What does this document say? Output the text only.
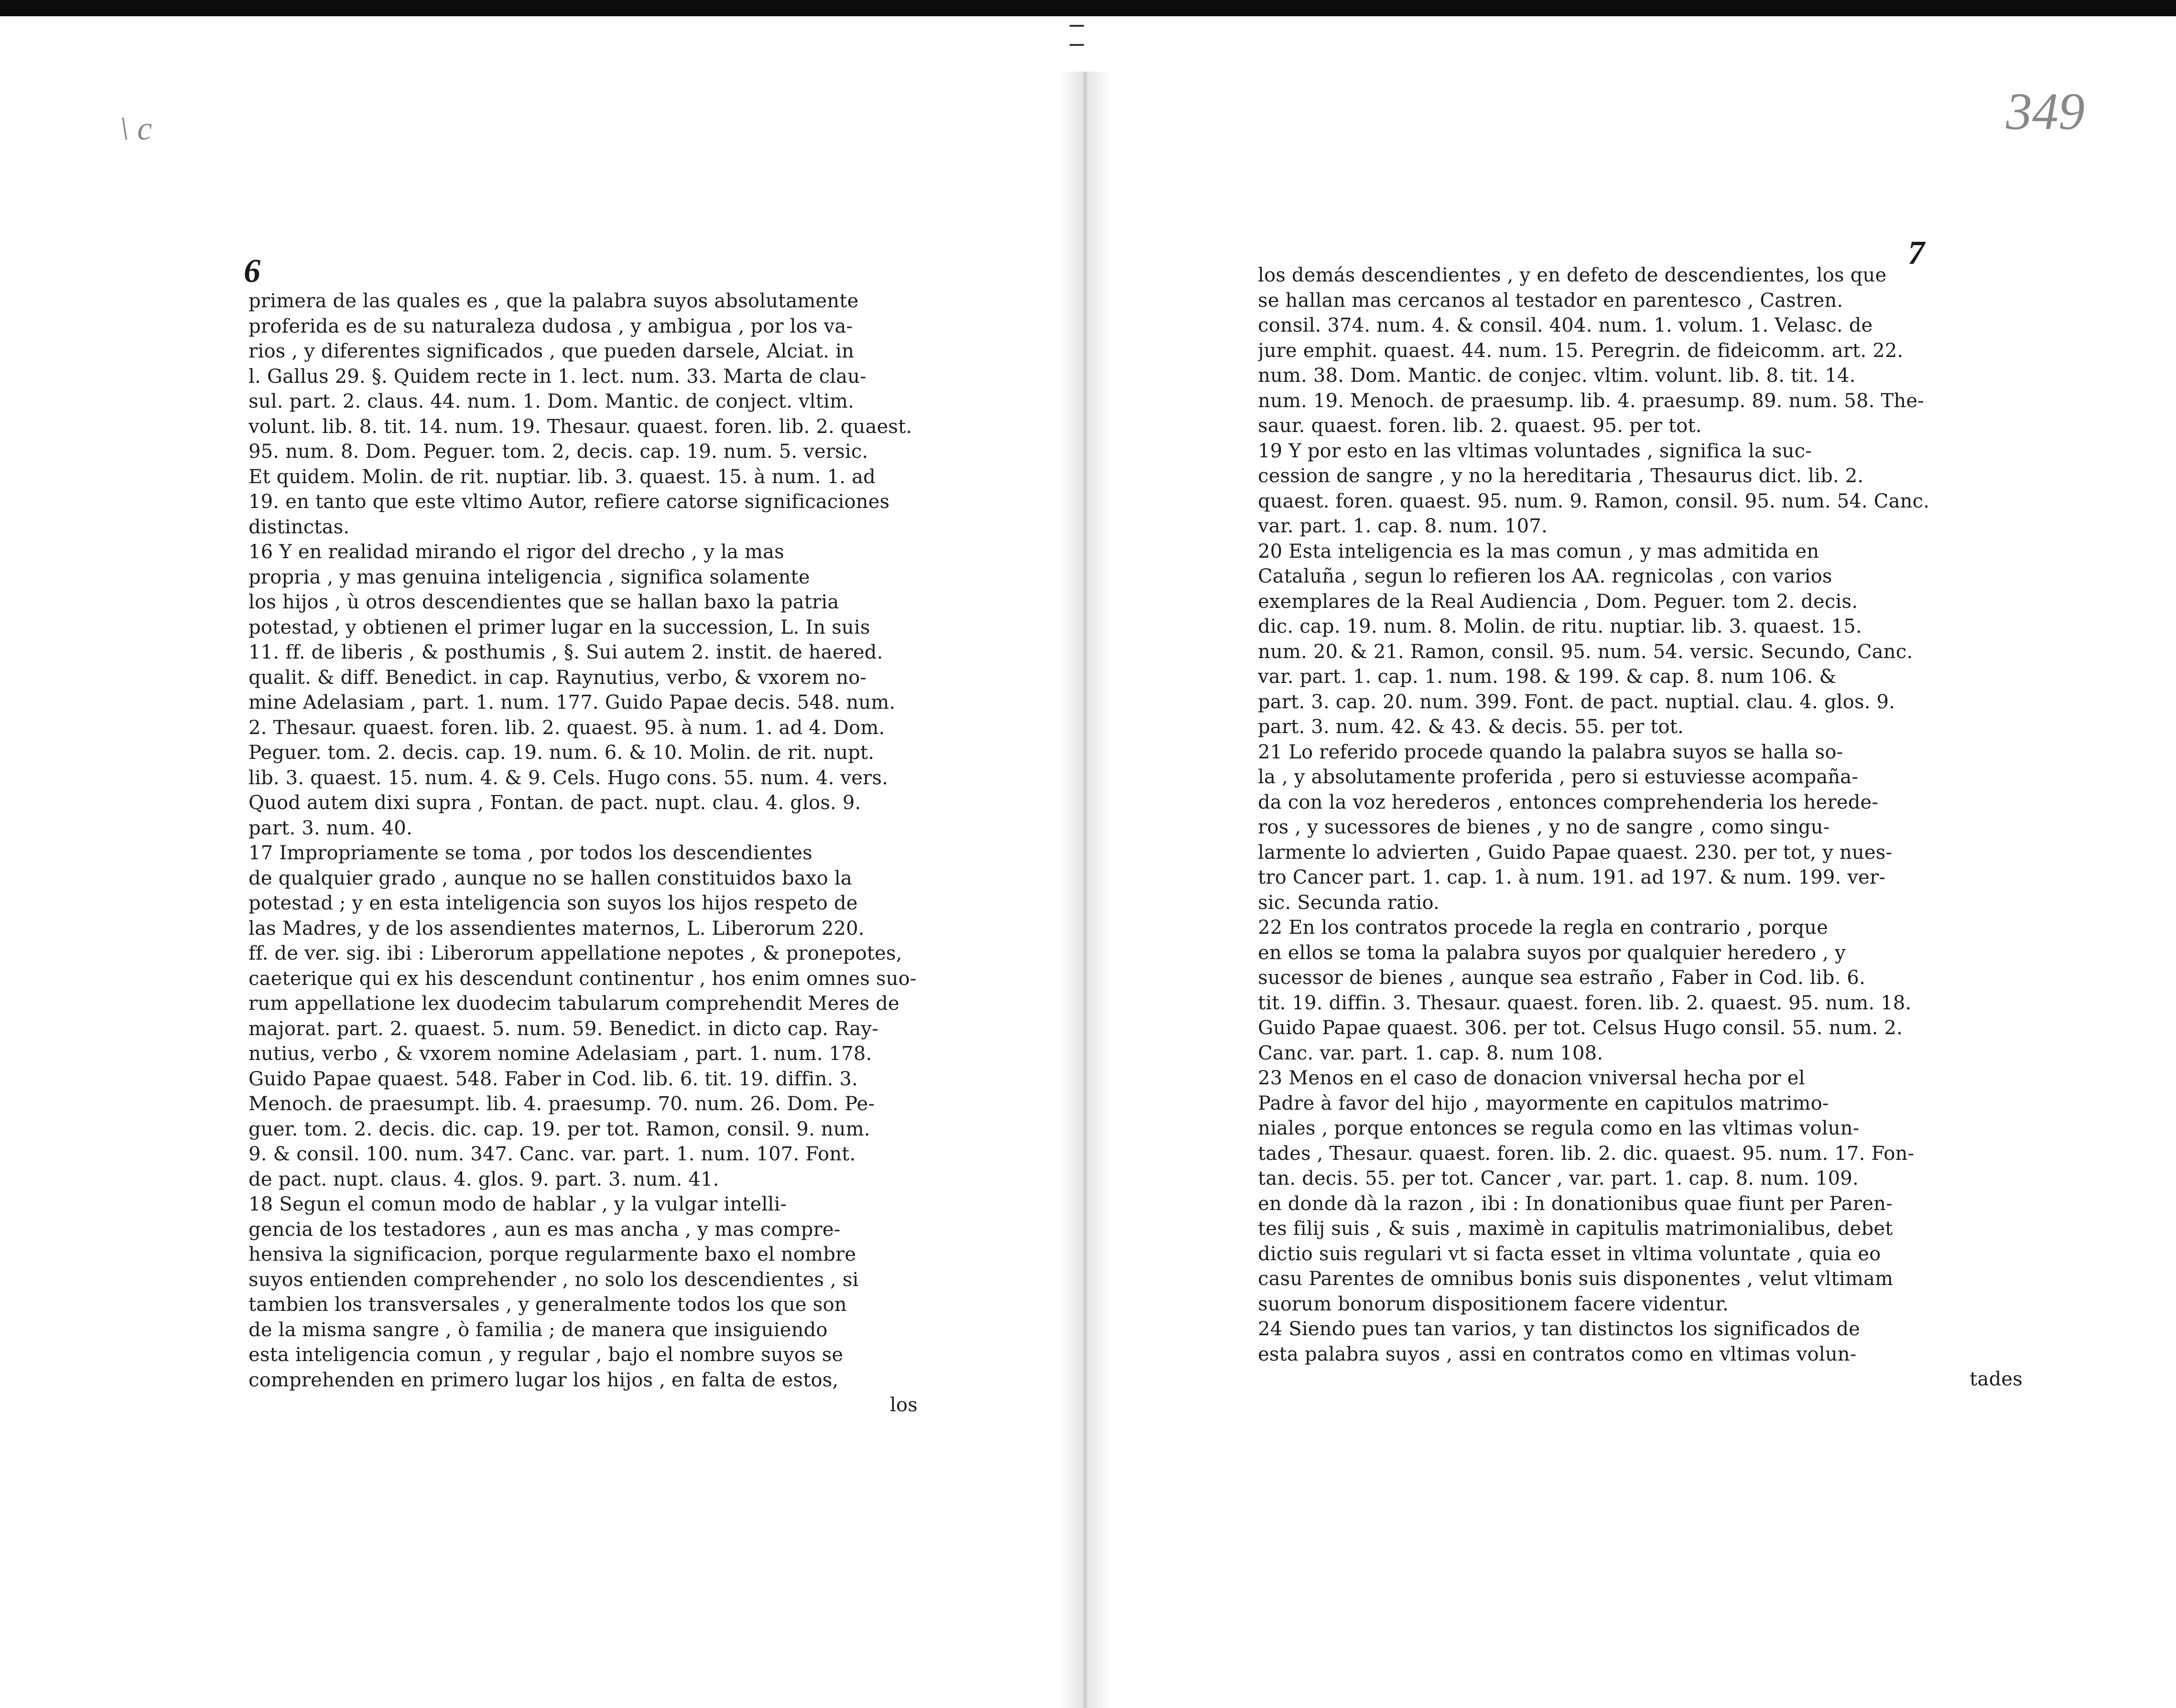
\ c
6
primera de las quales es , que la palabra suyos absolutamente
proferida es de su naturaleza dudosa , y ambigua , por los va-
rios , y diferentes significados , que pueden darsele, Alciat. in
l. Gallus 29. §. Quidem recte in 1. lect. num. 33. Marta de clau-
sul. part. 2. claus. 44. num. 1. Dom. Mantic. de conject. vltim.
volunt. lib. 8. tit. 14. num. 19. Thesaur. quaest. foren. lib. 2. quaest.
95. num. 8. Dom. Peguer. tom. 2, decis. cap. 19. num. 5. versic.
Et quidem. Molin. de rit. nuptiar. lib. 3. quaest. 15. à num. 1. ad
19. en tanto que este vltimo Autor, refiere catorse significaciones
distinctas.
16 Y en realidad mirando el rigor del drecho , y la mas
propria , y mas genuina inteligencia , significa solamente
los hijos , ù otros descendientes que se hallan baxo la patria
potestad, y obtienen el primer lugar en la succession, L. In suis
11. ff. de liberis , & posthumis , §. Sui autem 2. instit. de haered.
qualit. & diff. Benedict. in cap. Raynutius, verbo, & vxorem no-
mine Adelasiam , part. 1. num. 177. Guido Papae decis. 548. num.
2. Thesaur. quaest. foren. lib. 2. quaest. 95. à num. 1. ad 4. Dom.
Peguer. tom. 2. decis. cap. 19. num. 6. & 10. Molin. de rit. nupt.
lib. 3. quaest. 15. num. 4. & 9. Cels. Hugo cons. 55. num. 4. vers.
Quod autem dixi supra , Fontan. de pact. nupt. clau. 4. glos. 9.
part. 3. num. 40.
17 Impropriamente se toma , por todos los descendientes
de qualquier grado , aunque no se hallen constituidos baxo la
potestad ; y en esta inteligencia son suyos los hijos respeto de
las Madres, y de los assendientes maternos, L. Liberorum 220.
ff. de ver. sig. ibi : Liberorum appellatione nepotes , & pronepotes,
caeterique qui ex his descendunt continentur , hos enim omnes suo-
rum appellatione lex duodecim tabularum comprehendit Meres de
majorat. part. 2. quaest. 5. num. 59. Benedict. in dicto cap. Ray-
nutius, verbo , & vxorem nomine Adelasiam , part. 1. num. 178.
Guido Papae quaest. 548. Faber in Cod. lib. 6. tit. 19. diffin. 3.
Menoch. de praesumpt. lib. 4. praesump. 70. num. 26. Dom. Pe-
guer. tom. 2. decis. dic. cap. 19. per tot. Ramon, consil. 9. num.
9. & consil. 100. num. 347. Canc. var. part. 1. num. 107. Font.
de pact. nupt. claus. 4. glos. 9. part. 3. num. 41.
18 Segun el comun modo de hablar , y la vulgar intelli-
gencia de los testadores , aun es mas ancha , y mas compre-
hensiva la significacion, porque regularmente baxo el nombre
suyos entienden comprehender , no solo los descendientes , si
tambien los transversales , y generalmente todos los que son
de la misma sangre , ò familia ; de manera que insiguiendo
esta inteligencia comun , y regular , bajo el nombre suyos se
comprehenden en primero lugar los hijos , en falta de estos,
los
349
7
los demás descendientes , y en defeto de descendientes, los que
se hallan mas cercanos al testador en parentesco , Castren.
consil. 374. num. 4. & consil. 404. num. 1. volum. 1. Velasc. de
jure emphit. quaest. 44. num. 15. Peregrin. de fideicomm. art. 22.
num. 38. Dom. Mantic. de conjec. vltim. volunt. lib. 8. tit. 14.
num. 19. Menoch. de praesump. lib. 4. praesump. 89. num. 58. The-
saur. quaest. foren. lib. 2. quaest. 95. per tot.
19 Y por esto en las vltimas voluntades , significa la suc-
cession de sangre , y no la hereditaria , Thesaurus dict. lib. 2.
quaest. foren. quaest. 95. num. 9. Ramon, consil. 95. num. 54. Canc.
var. part. 1. cap. 8. num. 107.
20 Esta inteligencia es la mas comun , y mas admitida en
Cataluña , segun lo refieren los AA. regnicolas , con varios
exemplares de la Real Audiencia , Dom. Peguer. tom 2. decis.
dic. cap. 19. num. 8. Molin. de ritu. nuptiar. lib. 3. quaest. 15.
num. 20. & 21. Ramon, consil. 95. num. 54. versic. Secundo, Canc.
var. part. 1. cap. 1. num. 198. & 199. & cap. 8. num 106. &
part. 3. cap. 20. num. 399. Font. de pact. nuptial. clau. 4. glos. 9.
part. 3. num. 42. & 43. & decis. 55. per tot.
21 Lo referido procede quando la palabra suyos se halla so-
la , y absolutamente proferida , pero si estuviesse acompaña-
da con la voz herederos , entonces comprehenderia los herede-
ros , y sucessores de bienes , y no de sangre , como singu-
larmente lo advierten , Guido Papae quaest. 230. per tot, y nues-
tro Cancer part. 1. cap. 1. à num. 191. ad 197. & num. 199. ver-
sic. Secunda ratio.
22 En los contratos procede la regla en contrario , porque
en ellos se toma la palabra suyos por qualquier heredero , y
sucessor de bienes , aunque sea estraño , Faber in Cod. lib. 6.
tit. 19. diffin. 3. Thesaur. quaest. foren. lib. 2. quaest. 95. num. 18.
Guido Papae quaest. 306. per tot. Celsus Hugo consil. 55. num. 2.
Canc. var. part. 1. cap. 8. num 108.
23 Menos en el caso de donacion vniversal hecha por el
Padre à favor del hijo , mayormente en capitulos matrimo-
niales , porque entonces se regula como en las vltimas volun-
tades , Thesaur. quaest. foren. lib. 2. dic. quaest. 95. num. 17. Fon-
tan. decis. 55. per tot. Cancer , var. part. 1. cap. 8. num. 109.
en donde dà la razon , ibi : In donationibus quae fiunt per Paren-
tes filij suis , & suis , maximè in capitulis matrimonialibus, debet
dictio suis regulari vt si facta esset in vltima voluntate , quia eo
casu Parentes de omnibus bonis suis disponentes , velut vltimam
suorum bonorum dispositionem facere videntur.
24 Siendo pues tan varios, y tan distinctos los significados de
esta palabra suyos , assi en contratos como en vltimas volun-
tades
